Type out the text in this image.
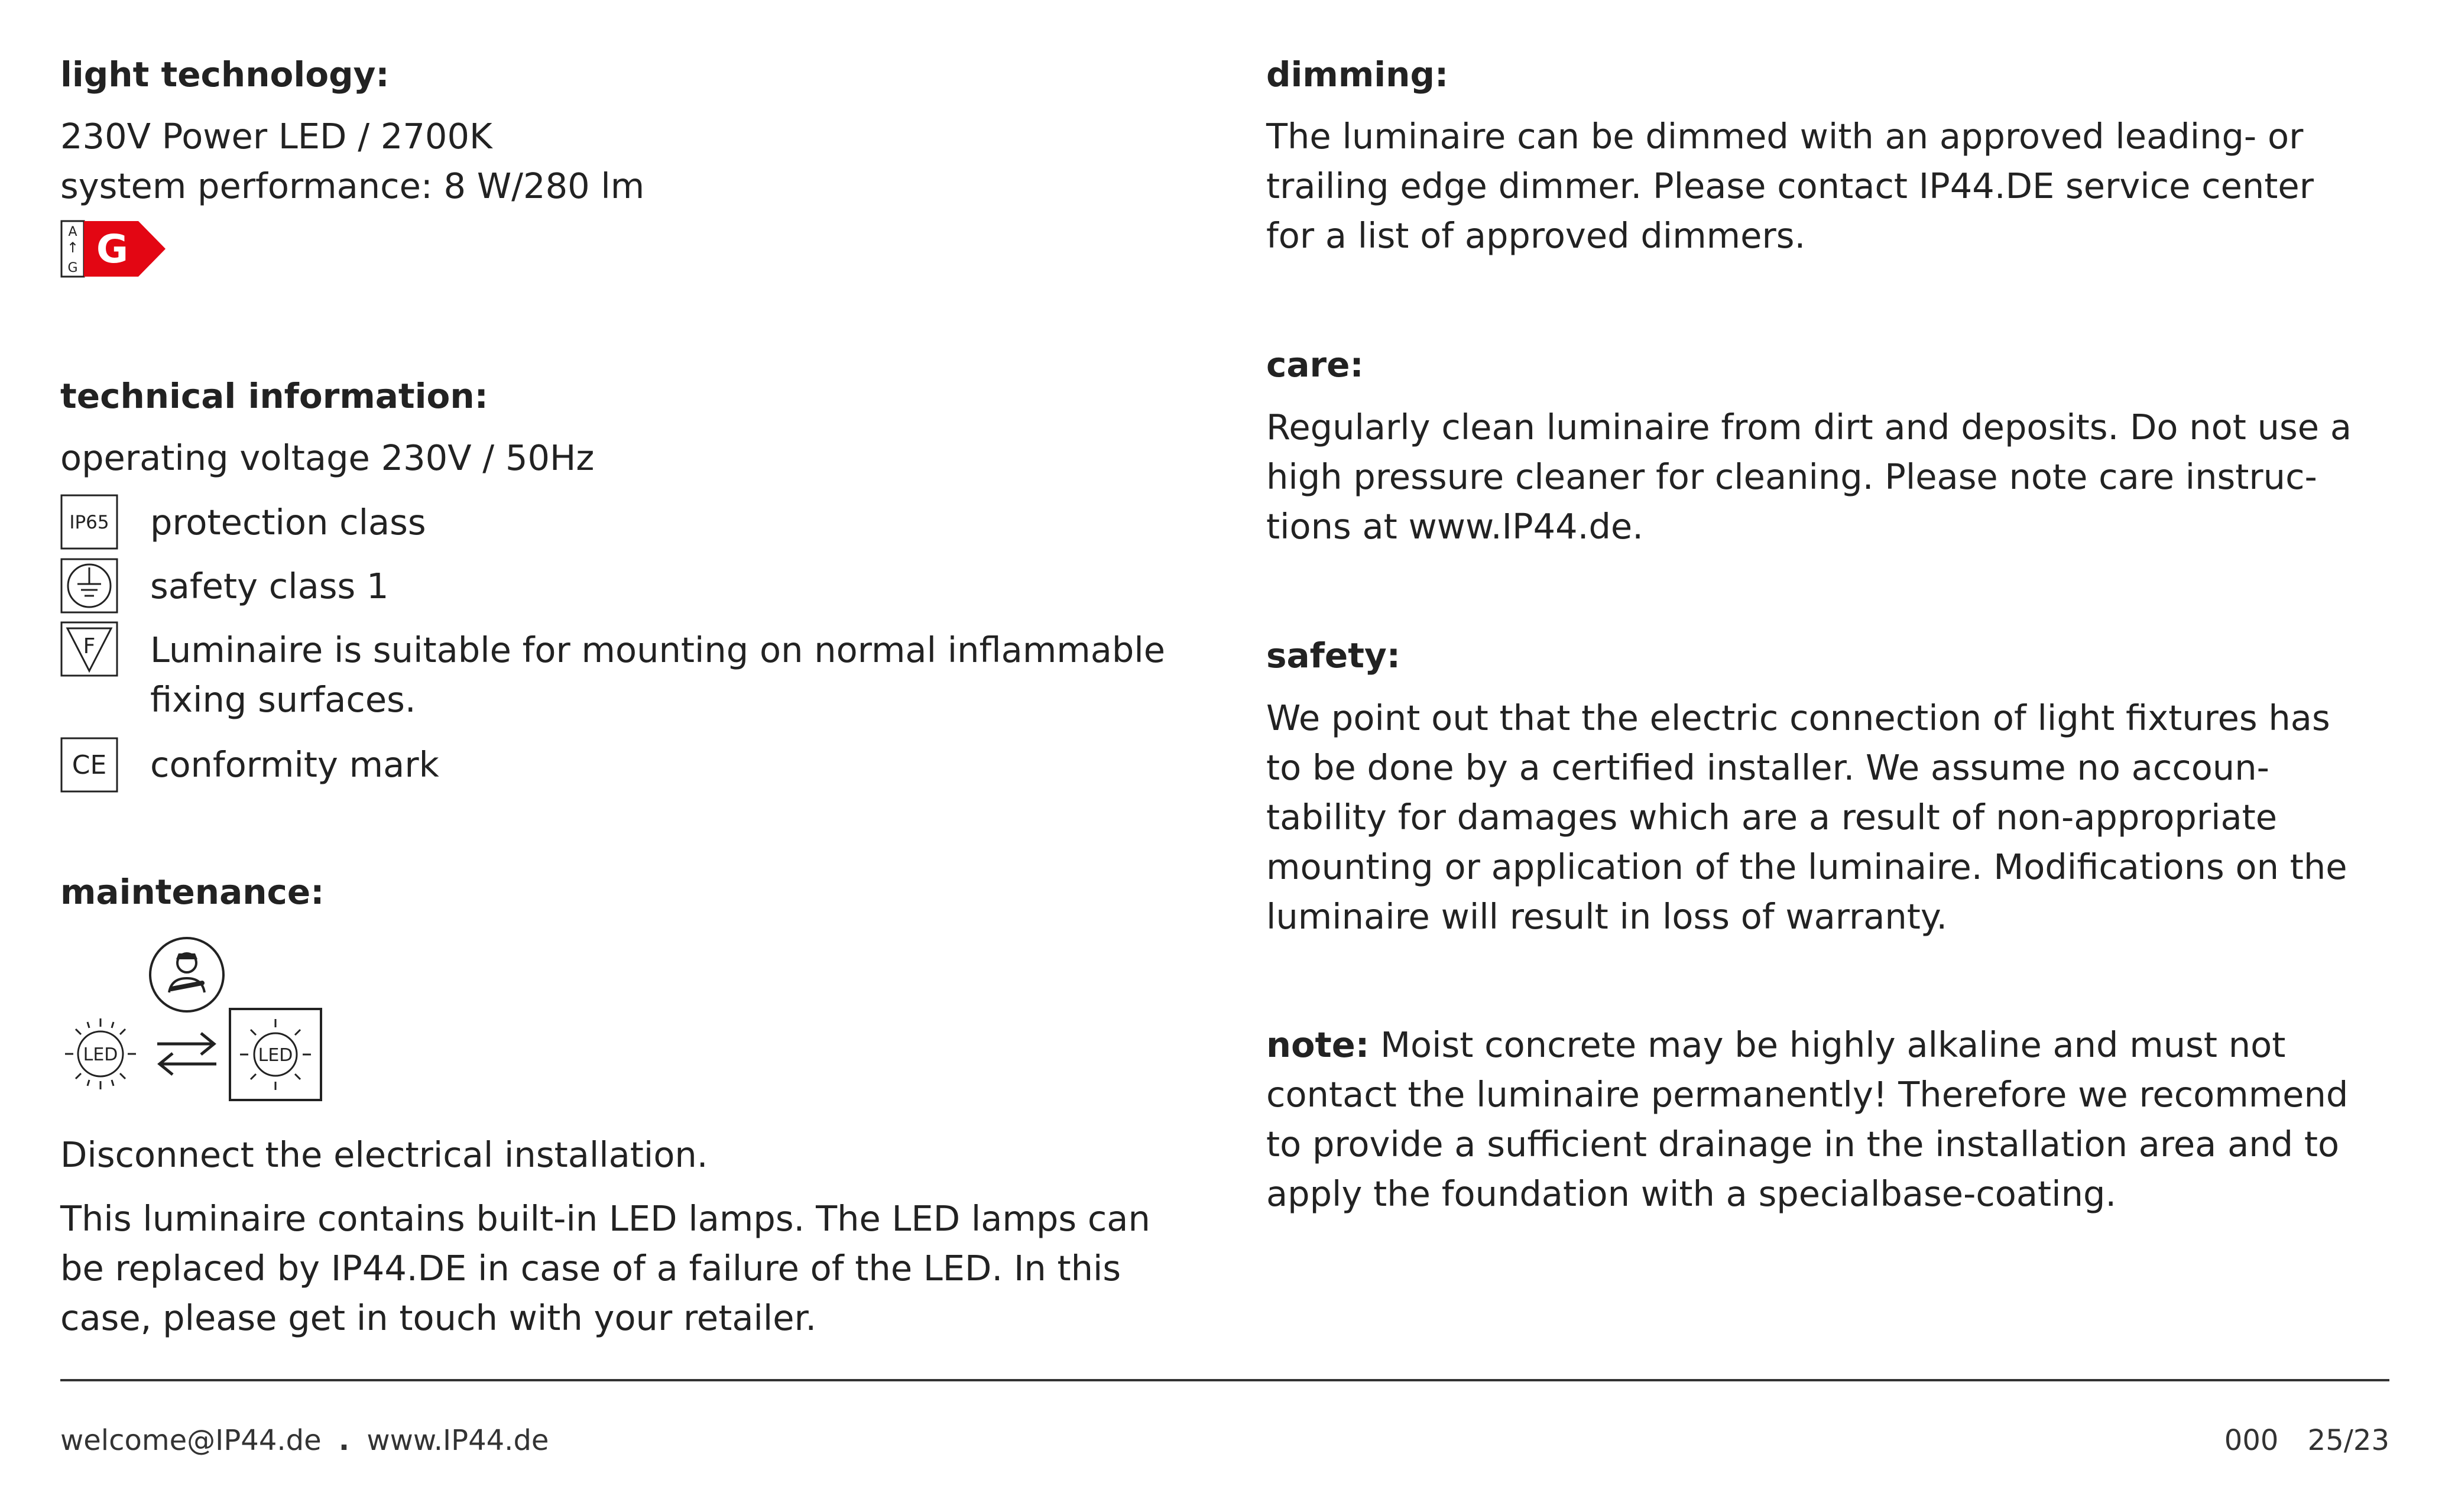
light technology:

230V Power LED / 2700K

system performance: 8 W/280 lm

A
↑
G G
technical information:

operating voltage 230V / 50Hz

IP65 protection class
safety class 1
F Luminaire is suitable for mounting on normal inflammable
fixing surfaces.
CE conformity mark
maintenance:
LED	LED

Disconnect the electrical installation.

This luminaire contains built-in LED lamps. The LED lamps can

be replaced by IP44.DE in case of a failure of the LED. In this

case, please get in touch with your retailer.

dimming:

The luminaire can be dimmed with an approved leading- or

trailing edge dimmer. Please contact IP44.DE service center

for a list of approved dimmers.

care:

Regularly clean luminaire from dirt and deposits. Do not use a

high pressure cleaner for cleaning. Please note care instruc-

tions at www.IP44.de.

safety:

We point out that the electric connection of light fixtures has

to be done by a certified installer. We assume no accoun-

tability for damages which are a result of non-appropriate

mounting or application of the luminaire. Modifications on the

luminaire will result in loss of warranty.

note: Moist concrete may be highly alkaline and must not

contact the luminaire permanently! Therefore we recommend

to provide a sufficient drainage in the installation area and to

apply the foundation with a specialbase-coating.

welcome@IP44.de . www.IP44.de	000 25/23
